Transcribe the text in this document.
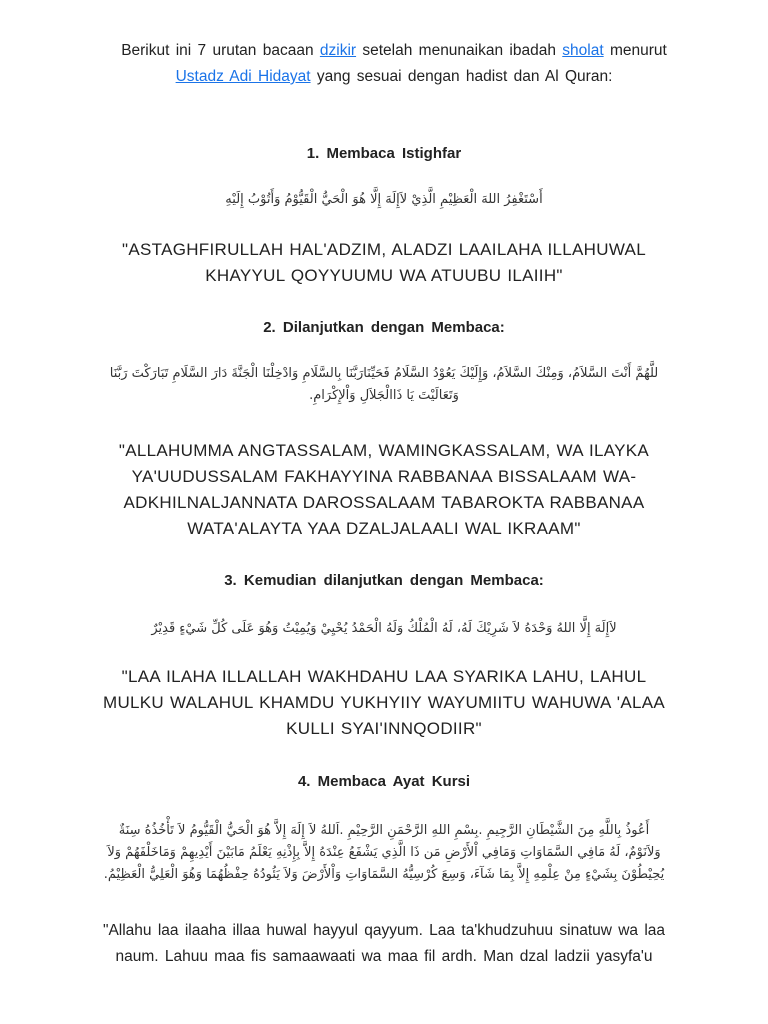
Berikut ini 7 urutan bacaan dzikir setelah menunaikan ibadah sholat menurut Ustadz Adi Hidayat yang sesuai dengan hadist dan Al Quran:

1. Membaca Istighfar
أَسْتَغْفِرُ اللهَ الْعَظِيْمِ الَّذِيْ لاَإِلَهَ إِلَّا هُوَ الْحَيُّ الْقَيُّوْمُ وَأَتُوْبُ إِلَيْهِ
"ASTAGHFIRULLAH HAL'ADZIM, ALADZI LAAILAHA ILLAHUWAL KHAYYUL QOYYUUMU WA ATUUBU ILAIIH"
2. Dilanjutkan dengan Membaca:
للَّهُمَّ أَنْتَ السَّلاَمُ، وَمِنْكَ السَّلاَمُ، وَإِلَيْكَ يَعُوْدُ السَّلَامُ فَحَيِّنَارَبَّنَا بِالسَّلَامِ وَادْخِلْنَا الْجَنَّةَ دَارَ السَّلَامِ تَبَارَكْتَ رَبَّنَا وَتَعَالَيْتَ يَا ذَاالْجَلاَلِ وَاْلإِكْرَامِ.
"ALLAHUMMA ANGTASSALAM, WAMINGKASSALAM, WA ILAYKA YA'UUDUSSALAM FAKHAYYINA RABBANAA BISSALAAM WA-ADKHILNALJANNATA DAROSSALAAM TABAROKTA RABBANAA WATA'ALAYTA YAA DZALJALAALI WAL IKRAAM"
3. Kemudian dilanjutkan dengan Membaca:
لاَإِلَهَ إِلَّا اللهُ وَحْدَهُ لاَ شَرِيْكَ لَهُ، لَهُ الْمُلْكُ وَلَهُ الْحَمْدُ يُحْيِيْ وَيُمِيْتُ وَهُوَ عَلَى كُلِّ شَيْءٍ قَدِيْرٌ
"LAA ILAHA ILLALLAH WAKHDAHU LAA SYARIKA LAHU, LAHUL MULKU WALAHUL KHAMDU YUKHYIIY WAYUMIITU WAHUWA 'ALAA KULLI SYAI'INNQODIIR"
4. Membaca Ayat Kursi
أَعُوذُ بِاللَّهِ مِنَ الشَّيْطَانِ الرَّجِيمِ .بِسْمِ اللهِ الرَّحْمَنِ الرَّحِيْمِ .اَللهُ لاَ إِلَهَ إِلاَّ هُوَ الْحَيُّ الْقَيُّومُ لاَ تَأْخُذُهُ سِنَةٌ وَلاَنَوْمٌ، لَهُ مَافِي السَّمَاوَاتِ وَمَافِي اْلأَرْضِ مَن ذَا الَّذِي يَشْفَعُ عِنْدَهُ إِلاَّ بِإِذْنِهِ يَعْلَمُ مَابَيْنَ أَيْدِيهِمْ وَمَاخَلْفَهُمْ وَلاَ يُحِيْطُوْنَ بِشَيْءٍ مِنْ عِلْمِهِ إِلاَّ بِمَا شَآءَ، وَسِعَ كُرْسِيُّهُ السَّمَاوَاتِ وَاْلأَرْضَ وَلاَ يَئُودُهُ حِفْظُهُمَا وَهُوَ الْعَلِيُّ الْعَظِيْمُ.
"Allahu laa ilaaha illaa huwal hayyul qayyum. Laa ta'khudzuhuu sinatuw wa laa naum. Lahuu maa fis samaawaati wa maa fil ardh. Man dzal ladzii yasyfa'u
